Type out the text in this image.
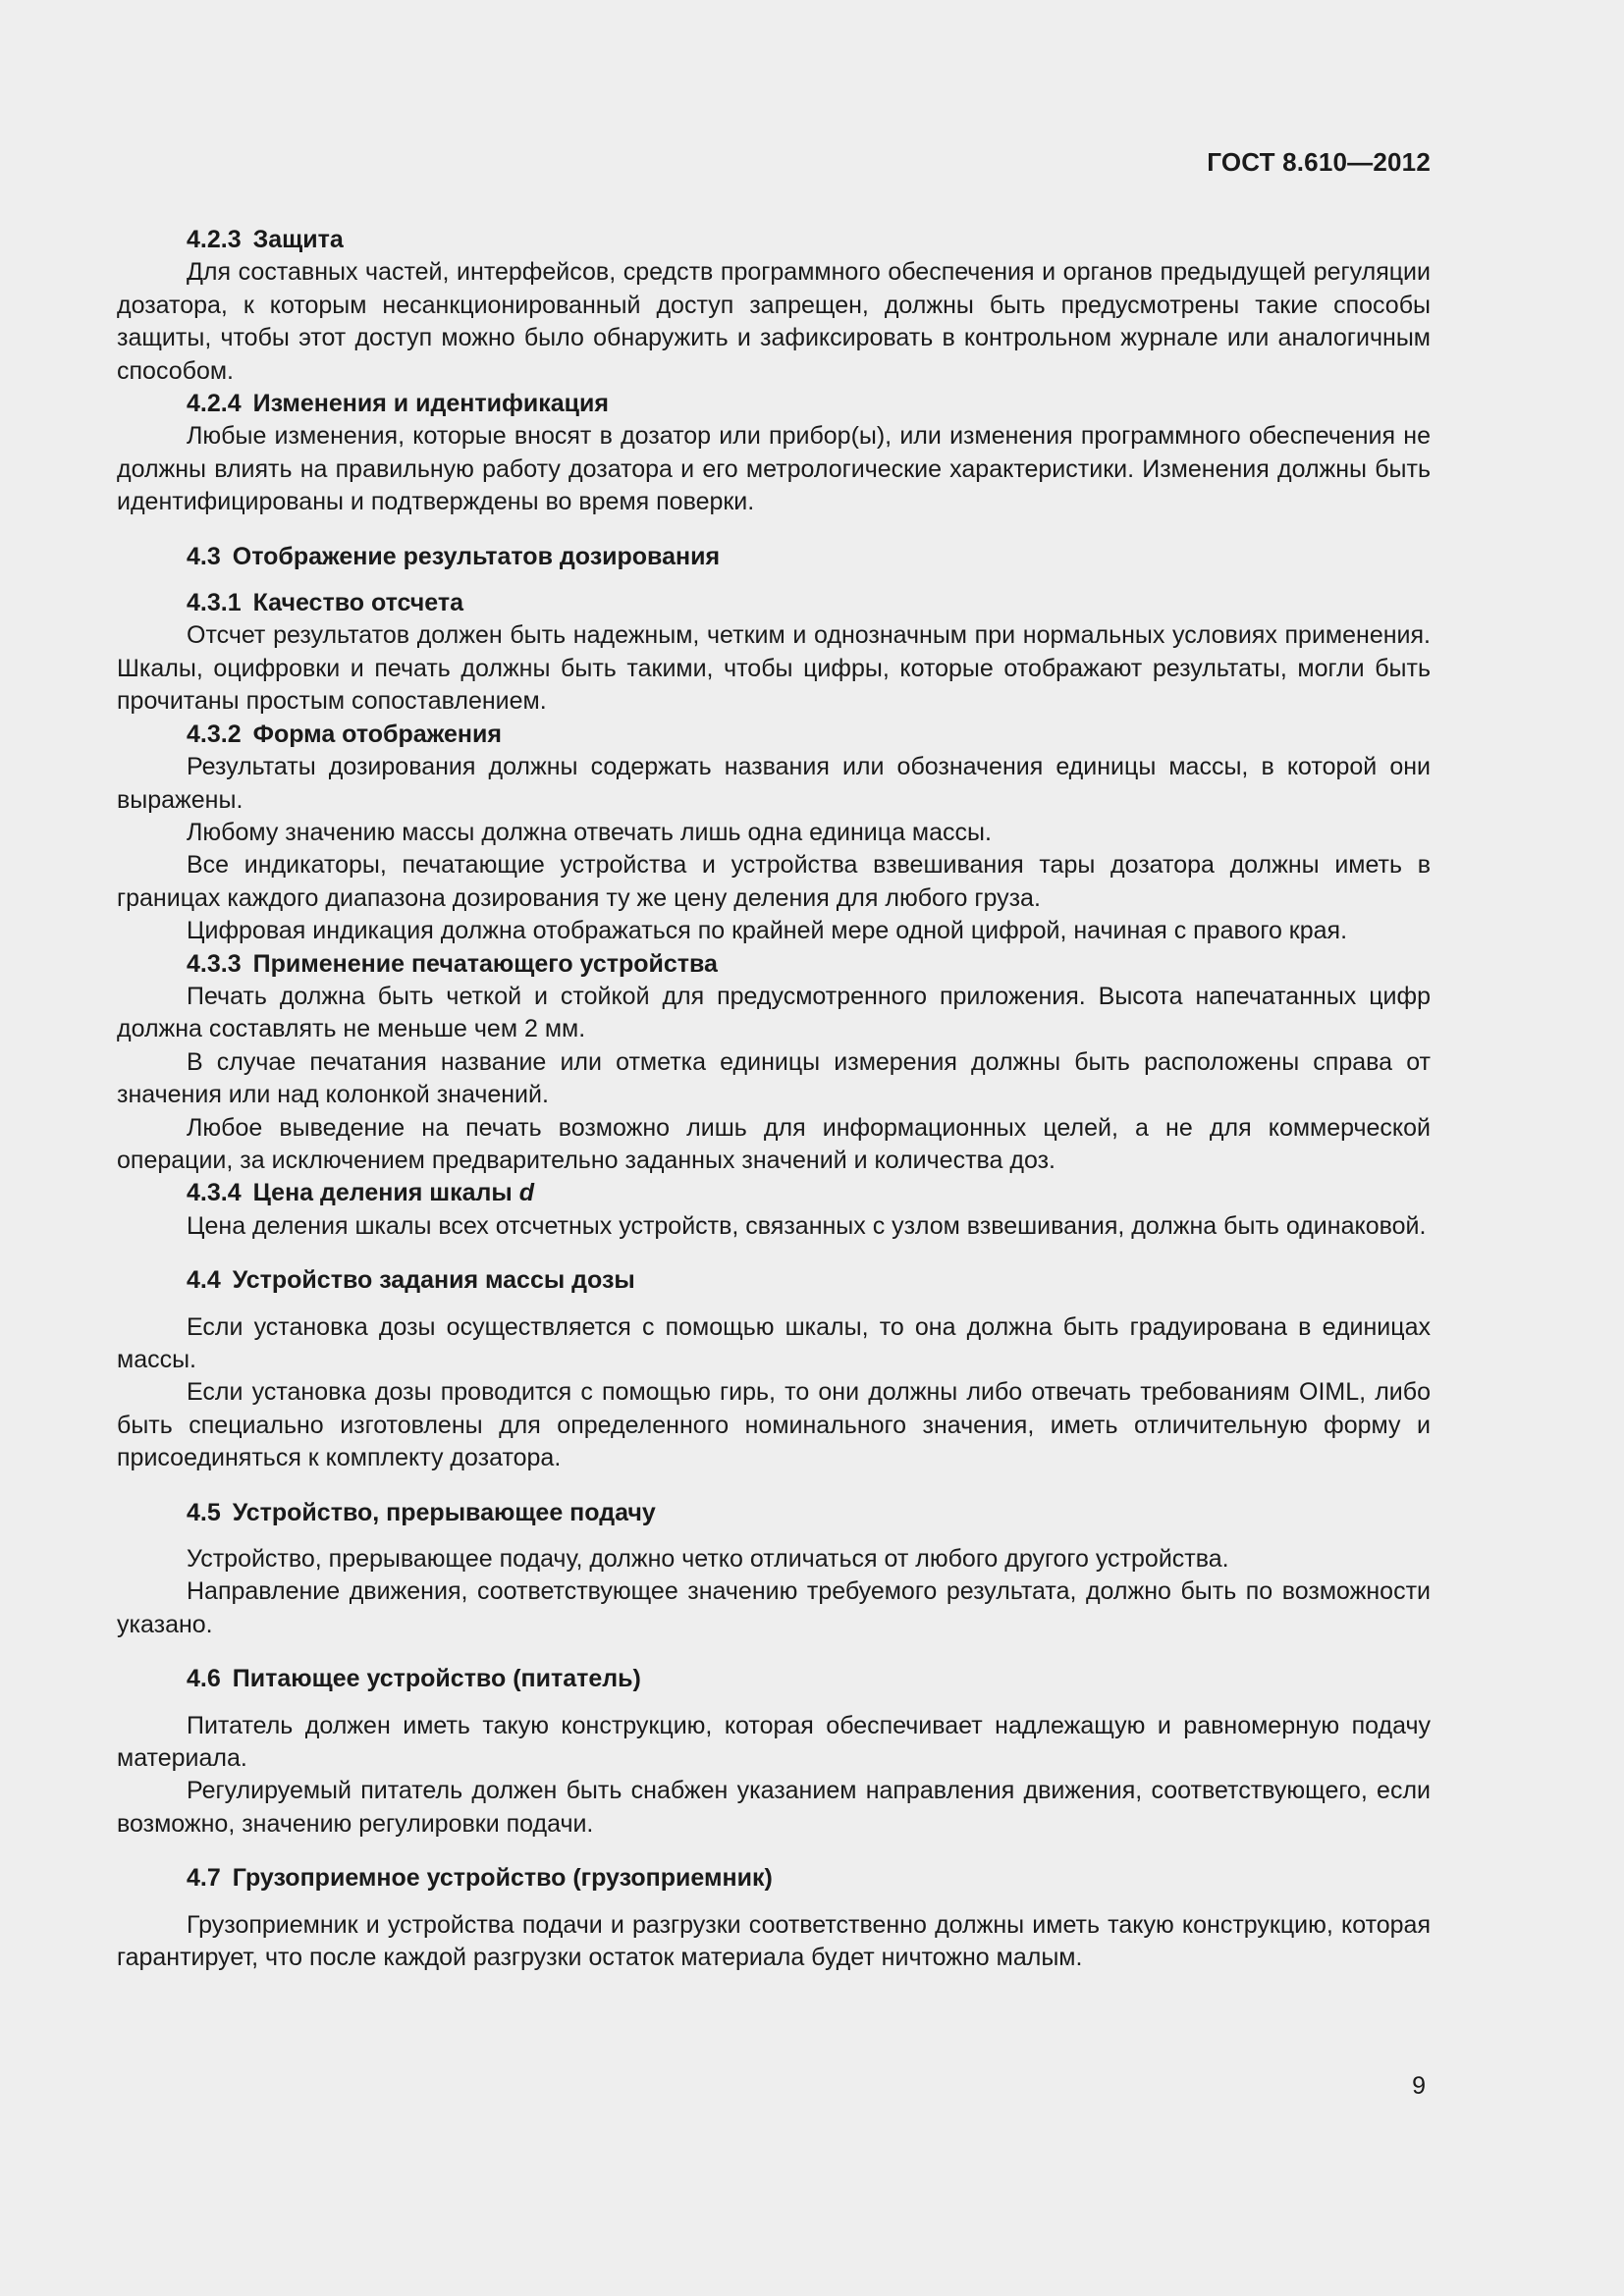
ГОСТ 8.610—2012
4.2.3 Защита

Для составных частей, интерфейсов, средств программного обеспечения и органов предыдущей регуляции дозатора, к которым несанкционированный доступ запрещен, должны быть предусмотрены такие способы защиты, чтобы этот доступ можно было обнаружить и зафиксировать в контрольном журнале или аналогичным способом.

4.2.4 Изменения и идентификация

Любые изменения, которые вносят в дозатор или прибор(ы), или изменения программного обеспечения не должны влиять на правильную работу дозатора и его метрологические характеристики. Изменения должны быть идентифицированы и подтверждены во время поверки.

4.3 Отображение результатов дозирования
4.3.1 Качество отсчета

Отсчет результатов должен быть надежным, четким и однозначным при нормальных условиях применения. Шкалы, оцифровки и печать должны быть такими, чтобы цифры, которые отображают результаты, могли быть прочитаны простым сопоставлением.

4.3.2 Форма отображения

Результаты дозирования должны содержать названия или обозначения единицы массы, в которой они выражены.

Любому значению массы должна отвечать лишь одна единица массы.

Все индикаторы, печатающие устройства и устройства взвешивания тары дозатора должны иметь в границах каждого диапазона дозирования ту же цену деления для любого груза.

Цифровая индикация должна отображаться по крайней мере одной цифрой, начиная с правого края.

4.3.3 Применение печатающего устройства

Печать должна быть четкой и стойкой для предусмотренного приложения. Высота напечатанных цифр должна составлять не меньше чем 2 мм.

В случае печатания название или отметка единицы измерения должны быть расположены справа от значения или над колонкой значений.

Любое выведение на печать возможно лишь для информационных целей, а не для коммерческой операции, за исключением предварительно заданных значений и количества доз.

4.3.4 Цена деления шкалы d

Цена деления шкалы всех отсчетных устройств, связанных с узлом взвешивания, должна быть одинаковой.

4.4 Устройство задания массы дозы

Если установка дозы осуществляется с помощью шкалы, то она должна быть градуирована в единицах массы.

Если установка дозы проводится с помощью гирь, то они должны либо отвечать требованиям OIML, либо быть специально изготовлены для определенного номинального значения, иметь отличительную форму и присоединяться к комплекту дозатора.

4.5 Устройство, прерывающее подачу

Устройство, прерывающее подачу, должно четко отличаться от любого другого устройства.

Направление движения, соответствующее значению требуемого результата, должно быть по возможности указано.

4.6 Питающее устройство (питатель)

Питатель должен иметь такую конструкцию, которая обеспечивает надлежащую и равномерную подачу материала.

Регулируемый питатель должен быть снабжен указанием направления движения, соответствующего, если возможно, значению регулировки подачи.

4.7 Грузоприемное устройство (грузоприемник)

Грузоприемник и устройства подачи и разгрузки соответственно должны иметь такую конструкцию, которая гарантирует, что после каждой разгрузки остаток материала будет ничтожно малым.

9
